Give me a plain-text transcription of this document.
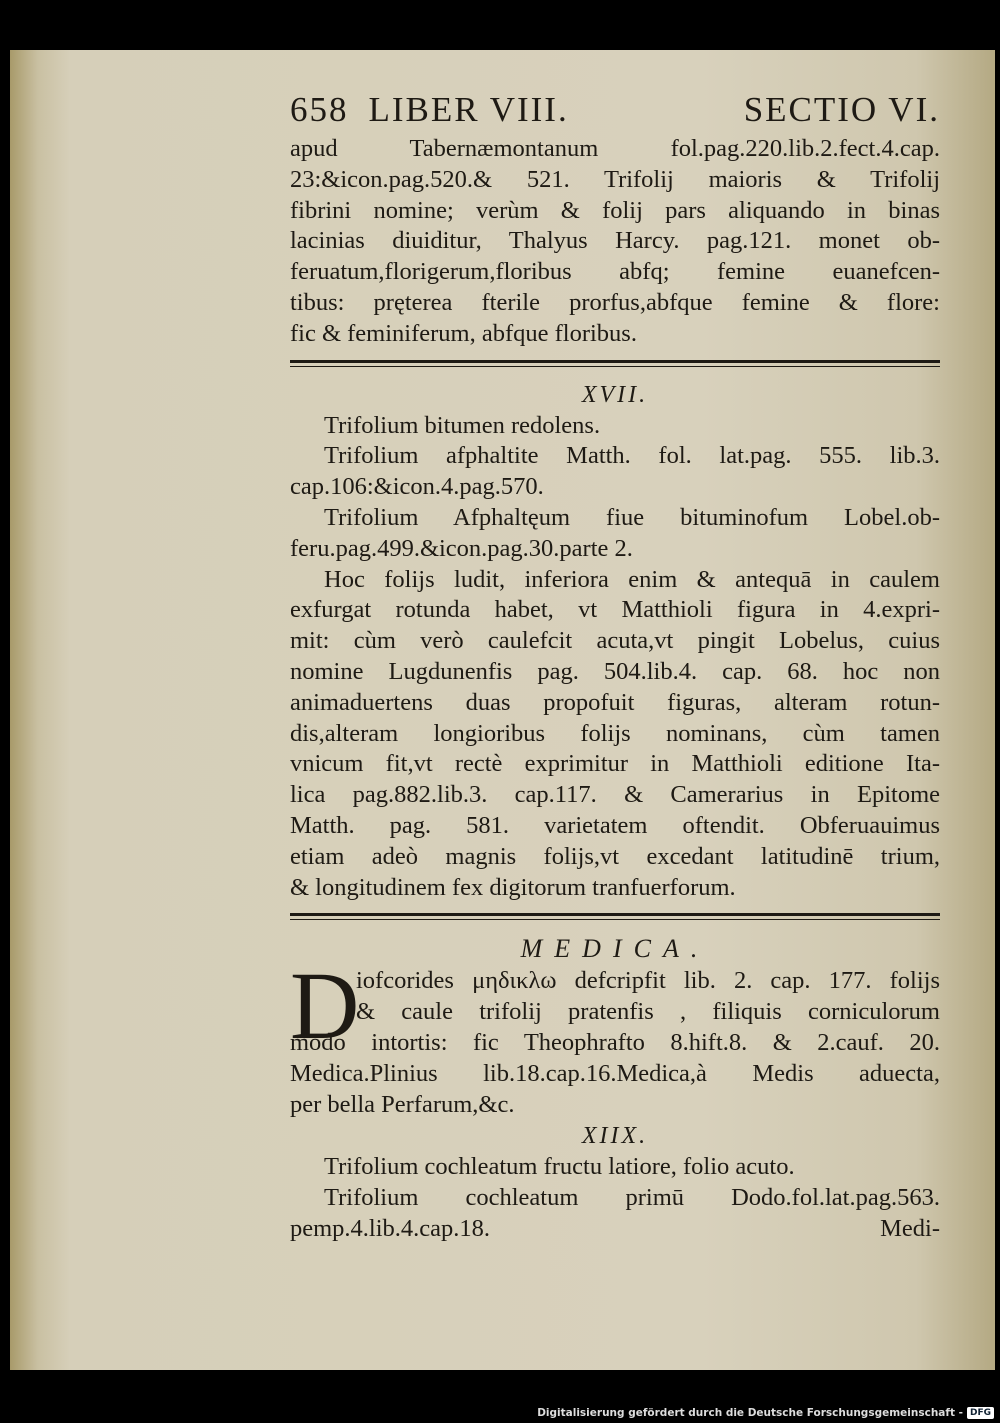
658 LIBER VIII.	SECTIO VI.
apud Tabernæmontanum fol.pag.220.lib.2.fect.4.cap.
23:&icon.pag.520.& 521. Trifolij maioris & Trifolij
fibrini nomine; verùm & folij pars aliquando in binas
lacinias diuiditur, Thalyus Harcy. pag.121. monet ob-
feruatum,florigerum,floribus abfq; femine euanefcen-
tibus: prętereа fterile prorfus,abfque femine & flore:
fic & feminiferum, abfque floribus.
XVII.
Trifolium bitumen redolens.
Trifolium afphaltite Matth. fol. lat.pag. 555. lib.3.
cap.106:&icon.4.pag.570.
Trifolium Afphaltęum fiue bituminofum Lobel.ob-
feru.pag.499.&icon.pag.30.parte 2.
Hoc folijs ludit, inferiora enim & antequā in caulem
exfurgat rotunda habet, vt Matthioli figura in 4.expri-
mit: cùm verò caulefcit acuta,vt pingit Lobelus, cuius
nomine Lugdunenfis pag. 504.lib.4. cap. 68. hoc non
animaduertens duas propofuit figuras, alteram rotun-
dis,alteram longioribus folijs nominans, cùm tamen
vnicum fit,vt rectè exprimitur in Matthioli editione Ita-
lica pag.882.lib.3. cap.117. & Camerarius in Epitome
Matth. pag. 581. varietatem oftendit. Obferuauimus
etiam adeò magnis folijs,vt excedant latitudinē trium,
& longitudinem fex digitorum tranfuerforum.
MEDICA.
D
iofcorides μηδικλω defcripfit lib. 2. cap. 177. folijs
& caule trifolij pratenfis , filiquis corniculorum
modo intortis: fic Theophrafto 8.hift.8. & 2.cauf. 20.
Medica.Plinius lib.18.cap.16.Medica,à Medis aduecta,
per bella Perfarum,&c.
XIIX.
Trifolium cochleatum fructu latiore, folio acuto.
Trifolium cochleatum primū Dodo.fol.lat.pag.563.
pemp.4.lib.4.cap.18.	Medi-
Digitalisierung gefördert durch die Deutsche Forschungsgemeinschaft - DFG
